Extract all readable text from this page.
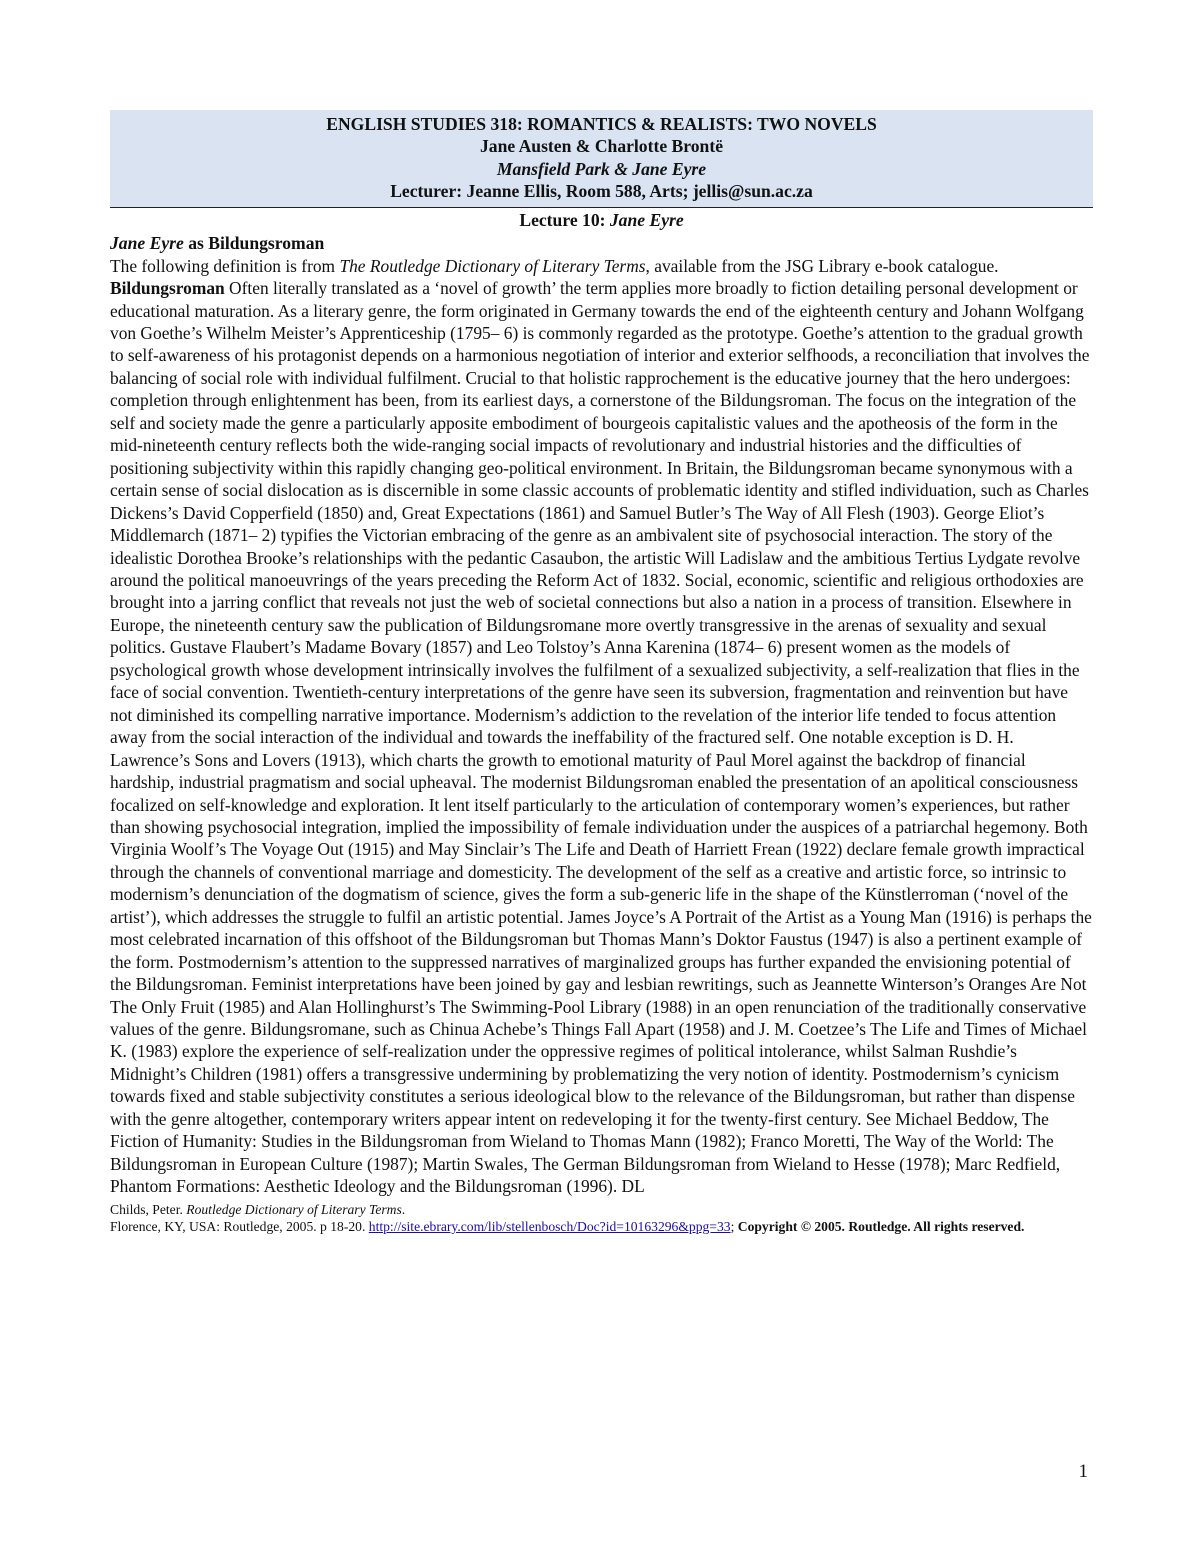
ENGLISH STUDIES 318: ROMANTICS & REALISTS: TWO NOVELS
Jane Austen & Charlotte Brontë
Mansfield Park & Jane Eyre
Lecturer: Jeanne Ellis, Room 588, Arts; jellis@sun.ac.za
Lecture 10: Jane Eyre
Jane Eyre as Bildungsroman

The following definition is from The Routledge Dictionary of Literary Terms, available from the JSG Library e-book catalogue.

Bildungsroman Often literally translated as a ‘novel of growth’ the term applies more broadly to fiction detailing personal development or educational maturation. As a literary genre, the form originated in Germany towards the end of the eighteenth century and Johann Wolfgang von Goethe’s Wilhelm Meister’s Apprenticeship (1795– 6) is commonly regarded as the prototype. Goethe’s attention to the gradual growth to self-awareness of his protagonist depends on a harmonious negotiation of interior and exterior selfhoods, a reconciliation that involves the balancing of social role with individual fulfilment. Crucial to that holistic rapprochement is the educative journey that the hero undergoes: completion through enlightenment has been, from its earliest days, a cornerstone of the Bildungsroman. The focus on the integration of the self and society made the genre a particularly apposite embodiment of bourgeois capitalistic values and the apotheosis of the form in the mid-nineteenth century reflects both the wide-ranging social impacts of revolutionary and industrial histories and the difficulties of positioning subjectivity within this rapidly changing geo-political environment. In Britain, the Bildungsroman became synonymous with a certain sense of social dislocation as is discernible in some classic accounts of problematic identity and stifled individuation, such as Charles Dickens’s David Copperfield (1850) and, Great Expectations (1861) and Samuel Butler’s The Way of All Flesh (1903). George Eliot’s Middlemarch (1871– 2) typifies the Victorian embracing of the genre as an ambivalent site of psychosocial interaction. The story of the idealistic Dorothea Brooke’s relationships with the pedantic Casaubon, the artistic Will Ladislaw and the ambitious Tertius Lydgate revolve around the political manoeuvrings of the years preceding the Reform Act of 1832. Social, economic, scientific and religious orthodoxies are brought into a jarring conflict that reveals not just the web of societal connections but also a nation in a process of transition. Elsewhere in Europe, the nineteenth century saw the publication of Bildungsromane more overtly transgressive in the arenas of sexuality and sexual politics. Gustave Flaubert’s Madame Bovary (1857) and Leo Tolstoy’s Anna Karenina (1874– 6) present women as the models of psychological growth whose development intrinsically involves the fulfilment of a sexualized subjectivity, a self-realization that flies in the face of social convention. Twentieth-century interpretations of the genre have seen its subversion, fragmentation and reinvention but have not diminished its compelling narrative importance. Modernism’s addiction to the revelation of the interior life tended to focus attention away from the social interaction of the individual and towards the ineffability of the fractured self. One notable exception is D. H. Lawrence’s Sons and Lovers (1913), which charts the growth to emotional maturity of Paul Morel against the backdrop of financial hardship, industrial pragmatism and social upheaval. The modernist Bildungsroman enabled the presentation of an apolitical consciousness focalized on self-knowledge and exploration. It lent itself particularly to the articulation of contemporary women’s experiences, but rather than showing psychosocial integration, implied the impossibility of female individuation under the auspices of a patriarchal hegemony. Both Virginia Woolf’s The Voyage Out (1915) and May Sinclair’s The Life and Death of Harriett Frean (1922) declare female growth impractical through the channels of conventional marriage and domesticity. The development of the self as a creative and artistic force, so intrinsic to modernism’s denunciation of the dogmatism of science, gives the form a sub-generic life in the shape of the Künstlerroman (‘novel of the artist’), which addresses the struggle to fulfil an artistic potential. James Joyce’s A Portrait of the Artist as a Young Man (1916) is perhaps the most celebrated incarnation of this offshoot of the Bildungsroman but Thomas Mann’s Doktor Faustus (1947) is also a pertinent example of the form. Postmodernism’s attention to the suppressed narratives of marginalized groups has further expanded the envisioning potential of the Bildungsroman. Feminist interpretations have been joined by gay and lesbian rewritings, such as Jeannette Winterson’s Oranges Are Not The Only Fruit (1985) and Alan Hollinghurst’s The Swimming-Pool Library (1988) in an open renunciation of the traditionally conservative values of the genre. Bildungsromane, such as Chinua Achebe’s Things Fall Apart (1958) and J. M. Coetzee’s The Life and Times of Michael K. (1983) explore the experience of self-realization under the oppressive regimes of political intolerance, whilst Salman Rushdie’s Midnight’s Children (1981) offers a transgressive undermining by problematizing the very notion of identity. Postmodernism’s cynicism towards fixed and stable subjectivity constitutes a serious ideological blow to the relevance of the Bildungsroman, but rather than dispense with the genre altogether, contemporary writers appear intent on redeveloping it for the twenty-first century. See Michael Beddow, The Fiction of Humanity: Studies in the Bildungsroman from Wieland to Thomas Mann (1982); Franco Moretti, The Way of the World: The Bildungsroman in European Culture (1987); Martin Swales, The German Bildungsroman from Wieland to Hesse (1978); Marc Redfield, Phantom Formations: Aesthetic Ideology and the Bildungsroman (1996). DL

Childs, Peter. Routledge Dictionary of Literary Terms.
Florence, KY, USA: Routledge, 2005. p 18-20. http://site.ebrary.com/lib/stellenbosch/Doc?id=10163296&ppg=33; Copyright © 2005. Routledge. All rights reserved.
1
